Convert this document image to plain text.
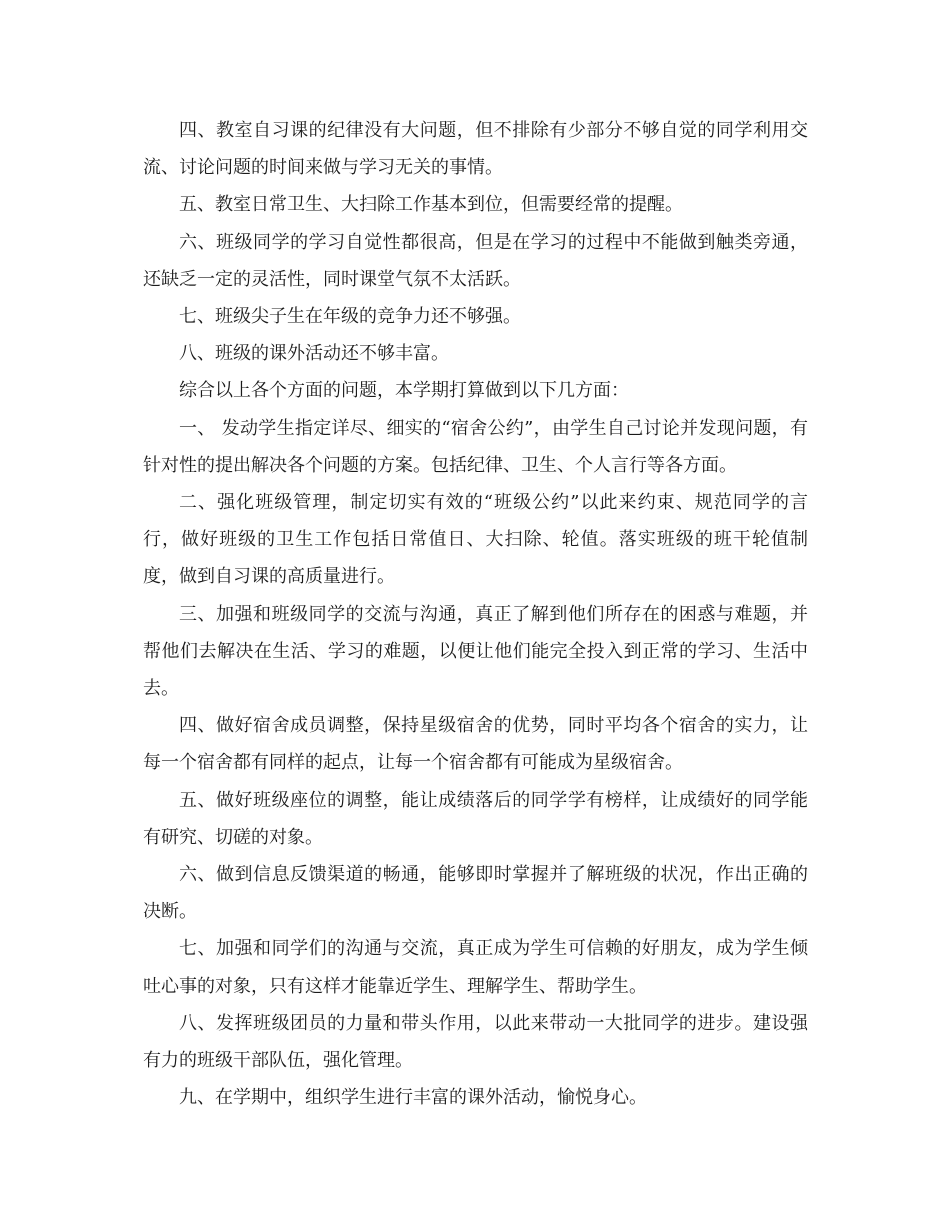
四、教室自习课的纪律没有大问题，但不排除有少部分不够自觉的同学利用交流、讨论问题的时间来做与学习无关的事情。

五、教室日常卫生、大扫除工作基本到位，但需要经常的提醒。

六、班级同学的学习自觉性都很高，但是在学习的过程中不能做到触类旁通，还缺乏一定的灵活性，同时课堂气氛不太活跃。

七、班级尖子生在年级的竞争力还不够强。

八、班级的课外活动还不够丰富。

综合以上各个方面的问题，本学期打算做到以下几方面：

一、 发动学生指定详尽、细实的“宿舍公约”，由学生自己讨论并发现问题，有针对性的提出解决各个问题的方案。包括纪律、卫生、个人言行等各方面。

二、强化班级管理，制定切实有效的“班级公约”以此来约束、规范同学的言行，做好班级的卫生工作包括日常值日、大扫除、轮值。落实班级的班干轮值制度，做到自习课的高质量进行。

三、加强和班级同学的交流与沟通，真正了解到他们所存在的困惑与难题，并帮他们去解决在生活、学习的难题，以便让他们能完全投入到正常的学习、生活中去。

四、做好宿舍成员调整，保持星级宿舍的优势，同时平均各个宿舍的实力，让每一个宿舍都有同样的起点，让每一个宿舍都有可能成为星级宿舍。

五、做好班级座位的调整，能让成绩落后的同学学有榜样，让成绩好的同学能有研究、切磋的对象。

六、做到信息反馈渠道的畅通，能够即时掌握并了解班级的状况，作出正确的决断。

七、加强和同学们的沟通与交流，真正成为学生可信赖的好朋友，成为学生倾吐心事的对象，只有这样才能靠近学生、理解学生、帮助学生。

八、发挥班级团员的力量和带头作用，以此来带动一大批同学的进步。建设强有力的班级干部队伍，强化管理。

九、在学期中，组织学生进行丰富的课外活动，愉悦身心。
